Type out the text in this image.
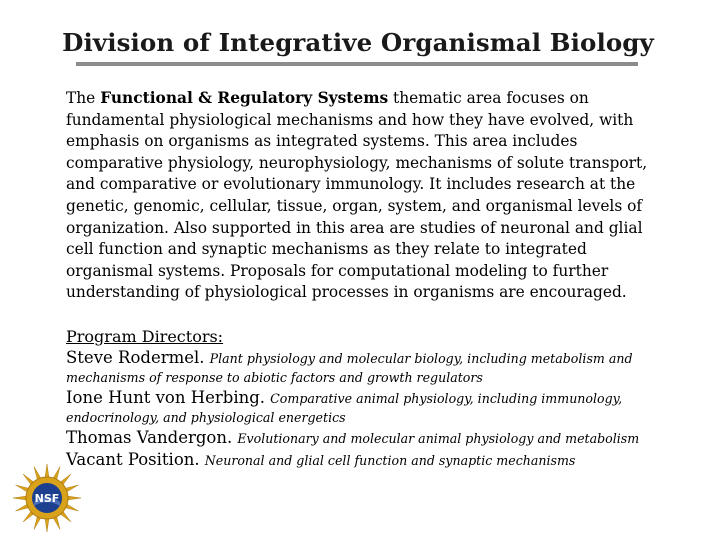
Division of Integrative Organismal Biology
The Functional & Regulatory Systems thematic area focuses on
fundamental physiological mechanisms and how they have evolved, with
emphasis on organisms as integrated systems. This area includes
comparative physiology, neurophysiology, mechanisms of solute transport,
and comparative or evolutionary immunology. It includes research at the
genetic, genomic, cellular, tissue, organ, system, and organismal levels of
organization. Also supported in this area are studies of neuronal and glial
cell function and synaptic mechanisms as they relate to integrated
organismal systems. Proposals for computational modeling to further
understanding of physiological processes in organisms are encouraged.
Program Directors:
Steve Rodermel. Plant physiology and molecular biology, including metabolism and
mechanisms of response to abiotic factors and growth regulators
Ione Hunt von Herbing. Comparative animal physiology, including immunology,
endocrinology, and physiological energetics
Thomas Vandergon. Evolutionary and molecular animal physiology and metabolism
Vacant Position. Neuronal and glial cell function and synaptic mechanisms
NSF
